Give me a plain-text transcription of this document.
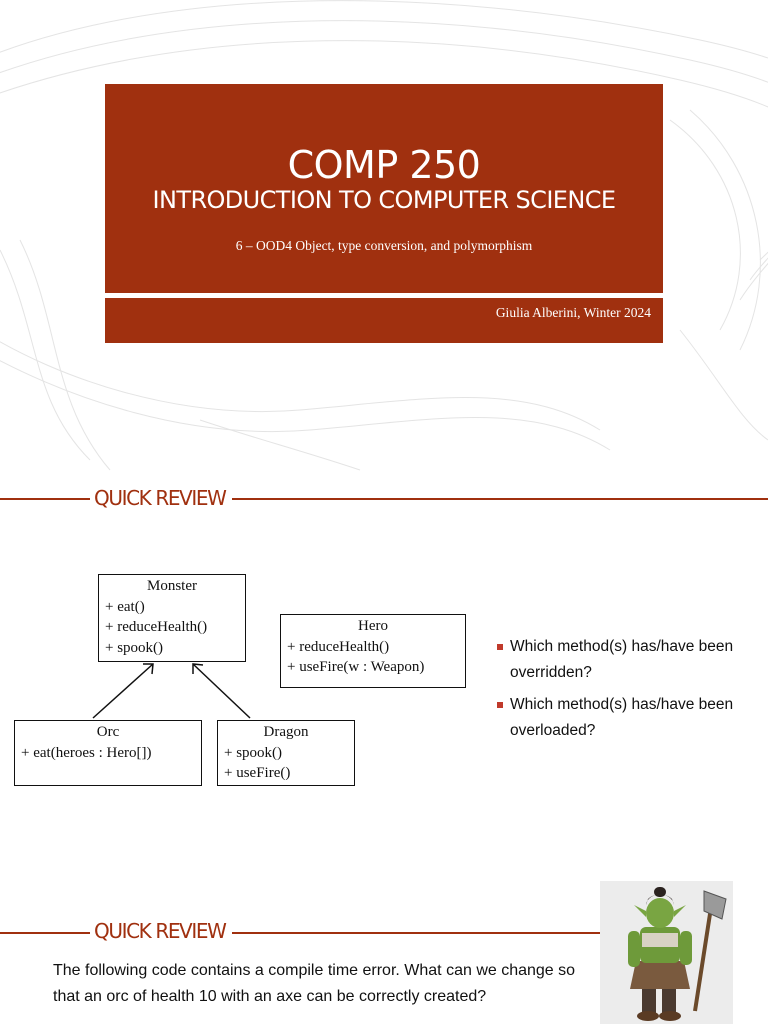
COMP 250
INTRODUCTION TO COMPUTER SCIENCE
6 – OOD4 Object, type conversion, and polymorphism
Giulia Alberini, Winter 2024
QUICK REVIEW
Monster
+ eat()
+ reduceHealth()
+ spook()
Hero
+ reduceHealth()
+ useFire(w : Weapon)
Orc
+ eat(heroes : Hero[])
Dragon
+ spook()
+ useFire()
Which method(s) has/have been overridden?
Which method(s) has/have been overloaded?
QUICK REVIEW
The following code contains a compile time error. What can we change so that an orc of health 10 with an axe can be correctly created?
